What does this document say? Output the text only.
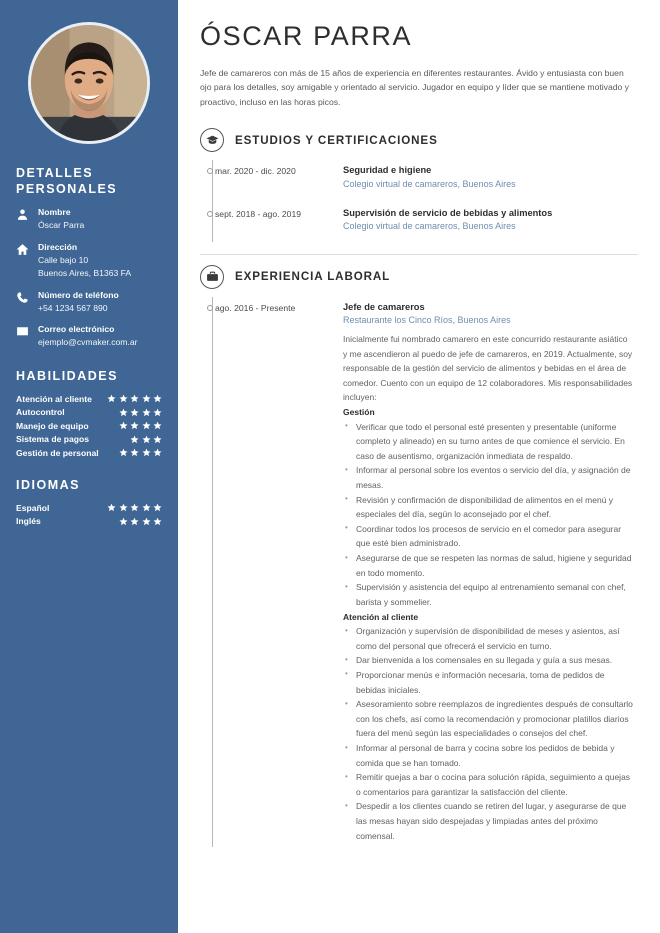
DETALLES
PERSONALES
Nombre
Óscar Parra
Dirección
Calle bajo 10
Buenos Aires, B1363 FA
Número de teléfono
+54 1234 567 890
Correo electrónico
ejemplo@cvmaker.com.ar
HABILIDADES
Atención al cliente
Autocontrol
Manejo de equipo
Sistema de pagos
Gestión de personal
IDIOMAS
Español
Inglés
ÓSCAR PARRA

Jefe de camareros con más de 15 años de experiencia en diferentes restaurantes. Ávido y entusiasta con buen ojo para los detalles, soy amigable y orientado al servicio. Jugador en equipo y líder que se mantiene motivado y proactivo, incluso en las horas picos.

ESTUDIOS Y CERTIFICACIONES
mar. 2020 - dic. 2020	Seguridad e higiene
Colegio virtual de camareros, Buenos Aires
sept. 2018 - ago. 2019	Supervisión de servicio de bebidas y alimentos
Colegio virtual de camareros, Buenos Aires
EXPERIENCIA LABORAL
ago. 2016 - Presente	Jefe de camareros
Restaurante los Cinco Ríos, Buenos Aires
Inicialmente fui nombrado camarero en este concurrido restaurante asiático y me ascendieron al puedo de jefe de camareros, en 2019. Actualmente, soy responsable de la gestión del servicio de alimentos y bebidas en el área de comedor. Cuento con un equipo de 12 colaboradores. Mis responsabilidades incluyen:
Gestión
• Verificar que todo el personal esté presenten y presentable (uniforme completo y alineado) en su turno antes de que comience el servicio. En caso de ausentismo, organización inmediata de respaldo.
• Informar al personal sobre los eventos o servicio del día, y asignación de mesas.
• Revisión y confirmación de disponibilidad de alimentos en el menú y especiales del día, según lo aconsejado por el chef.
• Coordinar todos los procesos de servicio en el comedor para asegurar que esté bien administrado.
• Asegurarse de que se respeten las normas de salud, higiene y seguridad en todo momento.
• Supervisión y asistencia del equipo al entrenamiento semanal con chef, barista y sommelier.
Atención al cliente
• Organización y supervisión de disponibilidad de meses y asientos, así como del personal que ofrecerá el servicio en turno.
• Dar bienvenida a los comensales en su llegada y guía a sus mesas.
• Proporcionar menús e información necesaria, toma de pedidos de bebidas iniciales.
• Asesoramiento sobre reemplazos de ingredientes después de consultarlo con los chefs, así como la recomendación y promocionar platillos diarios fuera del menú según las especialidades o consejos del chef.
• Informar al personal de barra y cocina sobre los pedidos de bebida y comida que se han tomado.
• Remitir quejas a bar o cocina para solución rápida, seguimiento a quejas o comentarios para garantizar la satisfacción del cliente.
• Despedir a los clientes cuando se retiren del lugar, y asegurarse de que las mesas hayan sido despejadas y limpiadas antes del próximo comensal.
